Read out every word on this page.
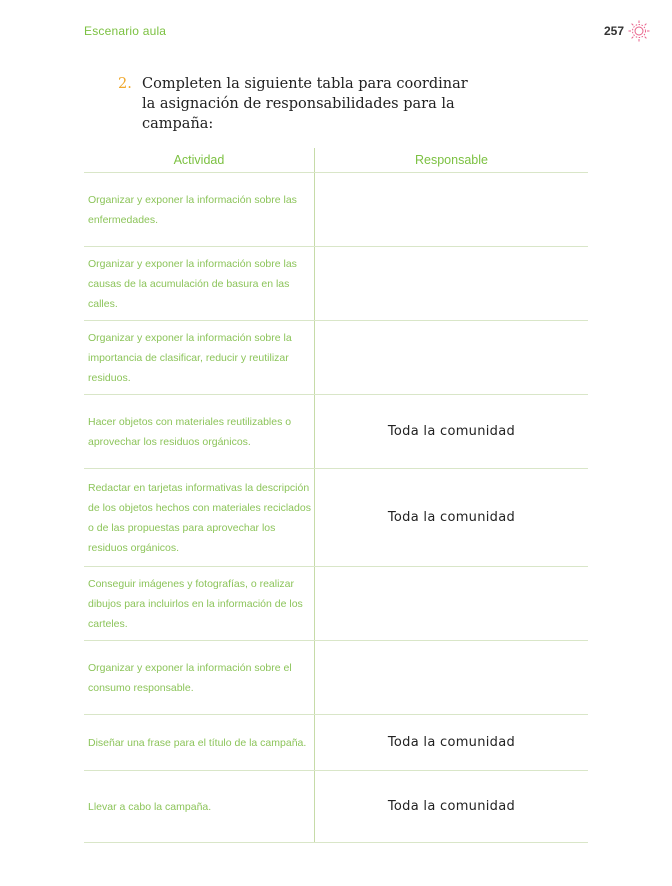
Escenario aula	257
2. Completen la siguiente tabla para coordinar la asignación de responsabilidades para la campaña:
Actividad	Responsable
Organizar y exponer la información sobre las enfermedades.	
Organizar y exponer la información sobre las causas de la acumulación de basura en las calles.	
Organizar y exponer la información sobre la importancia de clasificar, reducir y reutilizar residuos.	
Hacer objetos con materiales reutilizables o aprovechar los residuos orgánicos.	Toda la comunidad
Redactar en tarjetas informativas la descripción de los objetos hechos con materiales reciclados o de las propuestas para aprovechar los residuos orgánicos.	Toda la comunidad
Conseguir imágenes y fotografías, o realizar dibujos para incluirlos en la información de los carteles.	
Organizar y exponer la información sobre el consumo responsable.	
Diseñar una frase para el título de la campaña.	Toda la comunidad
Llevar a cabo la campaña.	Toda la comunidad
